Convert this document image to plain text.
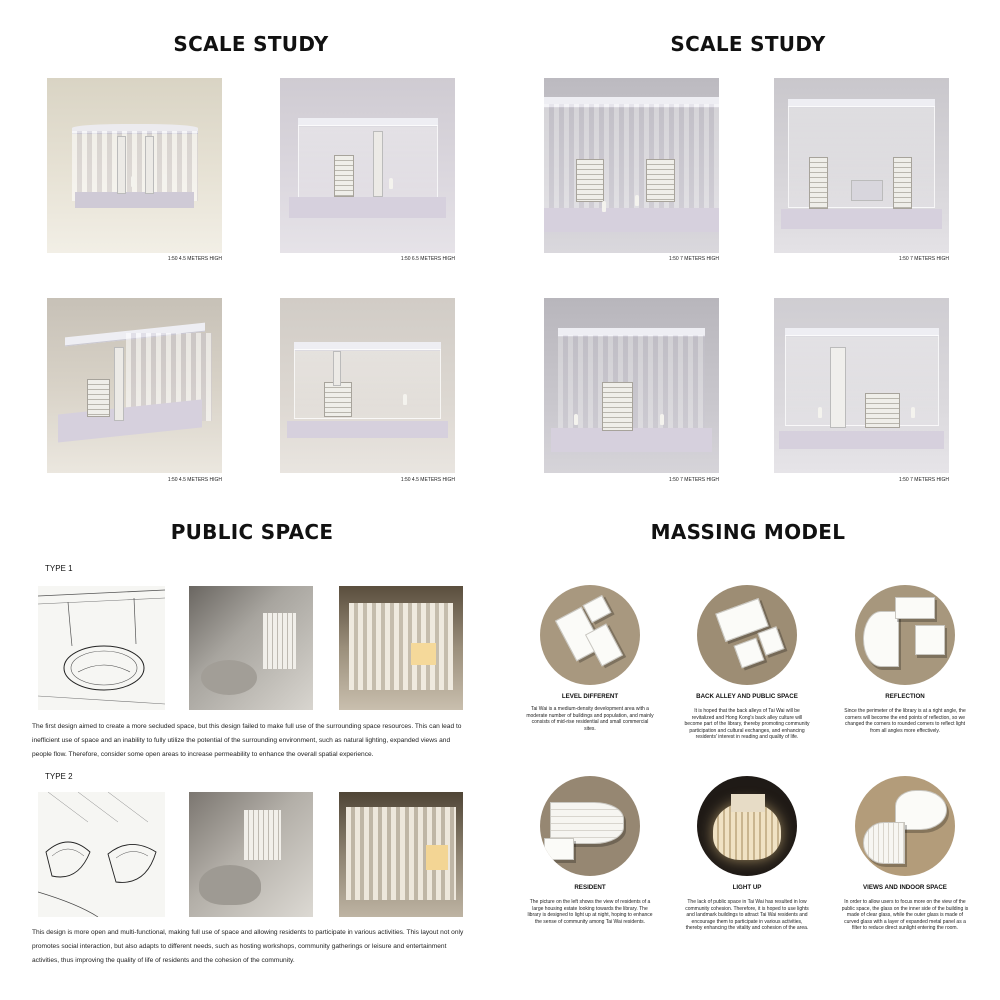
SCALE STUDY
1:50 4.5 METERS HIGH	1:50 6.5 METERS HIGH
1:50 4.5 METERS HIGH	1:50 4.5 METERS HIGH
SCALE STUDY
1:50 7 METERS HIGH	1:50 7 METERS HIGH
1:50 7 METERS HIGH	1:50 7 METERS HIGH
PUBLIC SPACE
TYPE 1
The first design aimed to create a more secluded space, but this design failed to make full use of the surrounding space resources. This can lead to inefficient use of space and an inability to fully utilize the potential of the surrounding environment, such as natural lighting, expanded views and people flow. Therefore, consider some open areas to increase permeability to enhance the overall spatial experience.
TYPE 2
This design is more open and multi-functional, making full use of space and allowing residents to participate in various activities. This layout not only promotes social interaction, but also adapts to different needs, such as hosting workshops, community gatherings or leisure and entertainment activities, thus improving the quality of life of residents and the cohesion of the community.
MASSING MODEL
LEVEL DIFFERENT
Tai Wai is a medium-density development area with a moderate number of buildings and population, and mainly consists of mid-rise residential and small commercial sites.
BACK ALLEY AND PUBLIC SPACE
It is hoped that the back alleys of Tai Wai will be revitalized and Hong Kong's back alley culture will become part of the library, thereby promoting community participation and cultural exchanges, and enhancing residents' interest in reading and quality of life.
REFLECTION
Since the perimeter of the library is at a right angle, the corners will become the end points of reflection, so we changed the corners to rounded corners to reflect light from all angles more effectively.
RESIDENT
The picture on the left shows the view of residents of a large housing estate looking towards the library. The library is designed to light up at night, hoping to enhance the sense of community among Tai Wai residents.
LIGHT UP
The lack of public space in Tai Wai has resulted in low community cohesion. Therefore, it is hoped to use lights and landmark buildings to attract Tai Wai residents and encourage them to participate in various activities, thereby enhancing the vitality and cohesion of the area.
VIEWS AND INDOOR SPACE
In order to allow users to focus more on the view of the public space, the glass on the inner side of the building is made of clear glass, while the outer glass is made of curved glass with a layer of expanded metal panel as a filter to reduce direct sunlight entering the room.
